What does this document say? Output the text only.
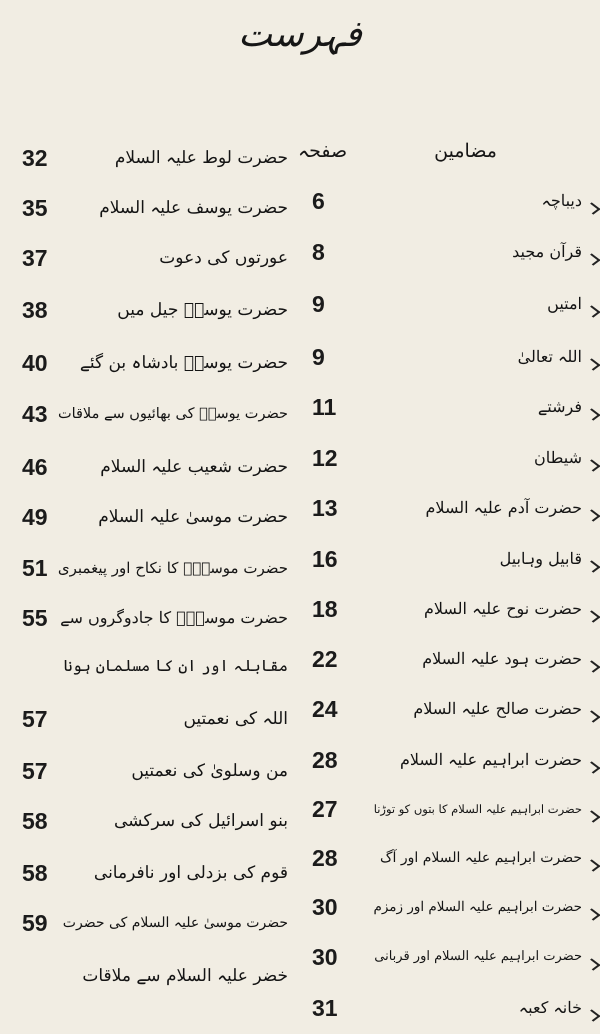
فہرست
مضامین
صفحہ
32	حضرت لوط علیہ السلام
35	حضرت یوسف علیہ السلام
37	عورتوں کی دعوت
38	حضرت یوسفؑ جیل میں
40 حضرت یوسفؑ بادشاہ بن گئے
43 حضرت یوسفؑ کی بھائیوں سے ملاقات
46	حضرت شعیب علیہ السلام
49	حضرت موسیٰ علیہ السلام
51 حضرت موسیٰؑ کا نکاح اور پیغمبری
55 حضرت موسیٰؑ کا جادوگروں سے
مقابلہ اور ان کا مسلمان ہونا
57	اللہ کی نعمتیں
57	من وسلویٰ کی نعمتیں
58	بنو اسرائیل کی سرکشی
58	قوم کی بزدلی اور نافرمانی
59 حضرت موسیٰ علیہ السلام کی حضرت
خضر علیہ السلام سے ملاقات
6	دیباچہ
8	قرآن مجید
9	امتیں
9	اللہ تعالیٰ
11	فرشتے
12	شیطان
13	حضرت آدم علیہ السلام
16	قابیل وہابیل
18	حضرت نوح علیہ السلام
22	حضرت ہود علیہ السلام
24	حضرت صالح علیہ السلام
28	حضرت ابراہیم علیہ السلام
27	حضرت ابراہیم علیہ السلام کا بتوں کو توڑنا
28	حضرت ابراہیم علیہ السلام اور آگ
30	حضرت ابراہیم علیہ السلام اور زمزم
30	حضرت ابراہیم علیہ السلام اور قربانی
31	خانہ کعبہ
